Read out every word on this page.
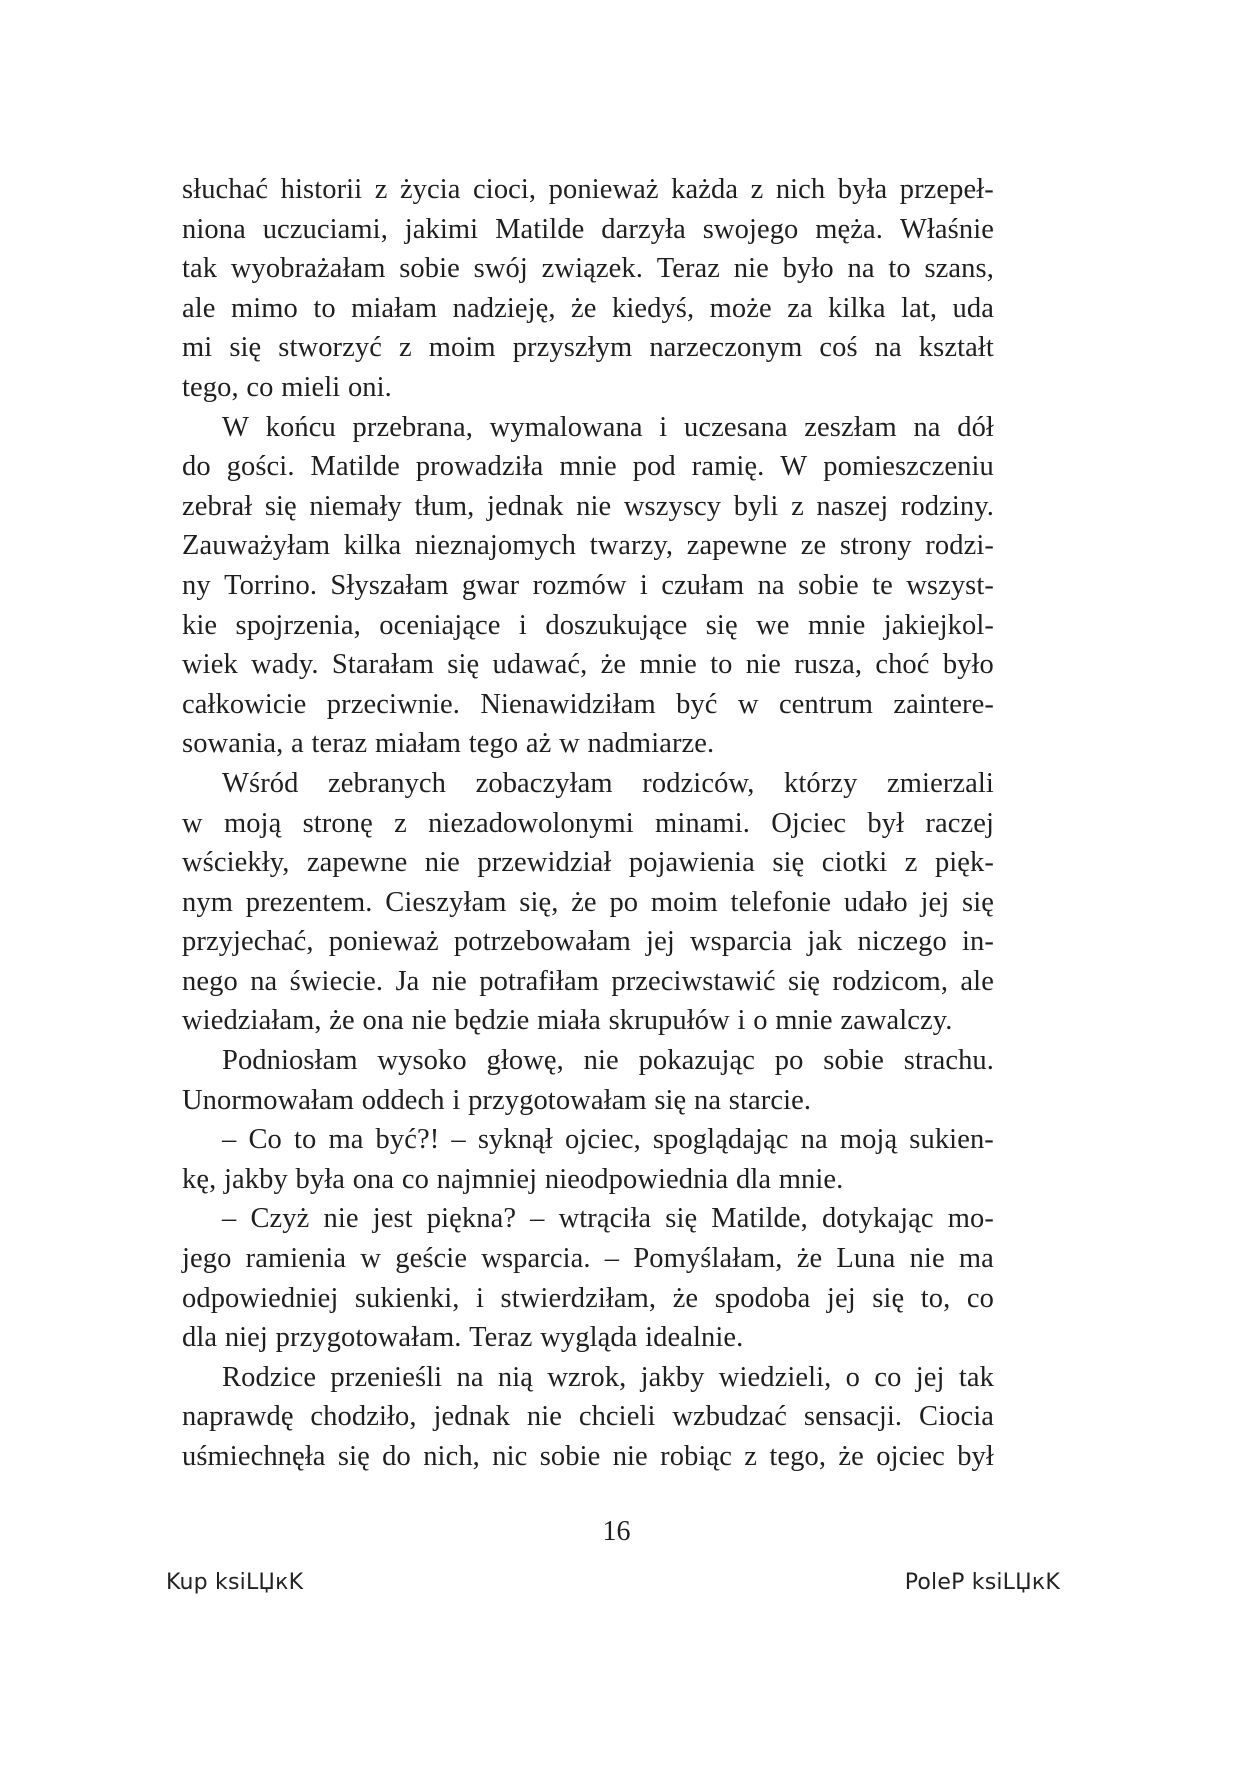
słuchać historii z życia cioci, ponieważ każda z nich była przepeł-
niona uczuciami, jakimi Matilde darzyła swojego męża. Właśnie
tak wyobrażałam sobie swój związek. Teraz nie było na to szans,
ale mimo to miałam nadzieję, że kiedyś, może za kilka lat, uda
mi się stworzyć z moim przyszłym narzeczonym coś na kształt
tego, co mieli oni.
W końcu przebrana, wymalowana i uczesana zeszłam na dół
do gości. Matilde prowadziła mnie pod ramię. W pomieszczeniu
zebrał się niemały tłum, jednak nie wszyscy byli z naszej rodziny.
Zauważyłam kilka nieznajomych twarzy, zapewne ze strony rodzi-
ny Torrino. Słyszałam gwar rozmów i czułam na sobie te wszyst-
kie spojrzenia, oceniające i doszukujące się we mnie jakiejkol-
wiek wady. Starałam się udawać, że mnie to nie rusza, choć było
całkowicie przeciwnie. Nienawidziłam być w centrum zaintere-
sowania, a teraz miałam tego aż w nadmiarze.
Wśród zebranych zobaczyłam rodziców, którzy zmierzali
w moją stronę z niezadowolonymi minami. Ojciec był raczej
wściekły, zapewne nie przewidział pojawienia się ciotki z pięk-
nym prezentem. Cieszyłam się, że po moim telefonie udało jej się
przyjechać, ponieważ potrzebowałam jej wsparcia jak niczego in-
nego na świecie. Ja nie potrafiłam przeciwstawić się rodzicom, ale
wiedziałam, że ona nie będzie miała skrupułów i o mnie zawalczy.
Podniosłam wysoko głowę, nie pokazując po sobie strachu.
Unormowałam oddech i przygotowałam się na starcie.
– Co to ma być?! – syknął ojciec, spoglądając na moją sukien-
kę, jakby była ona co najmniej nieodpowiednia dla mnie.
– Czyż nie jest piękna? – wtrąciła się Matilde, dotykając mo-
jego ramienia w geście wsparcia. – Pomyślałam, że Luna nie ma
odpowiedniej sukienki, i stwierdziłam, że spodoba jej się to, co
dla niej przygotowałam. Teraz wygląda idealnie.
Rodzice przenieśli na nią wzrok, jakby wiedzieli, o co jej tak
naprawdę chodziło, jednak nie chcieli wzbudzać sensacji. Ciocia
uśmiechnęła się do nich, nic sobie nie robiąc z tego, że ojciec był
16
Kup ksiLЏкK	PoleP ksiLЏкK
